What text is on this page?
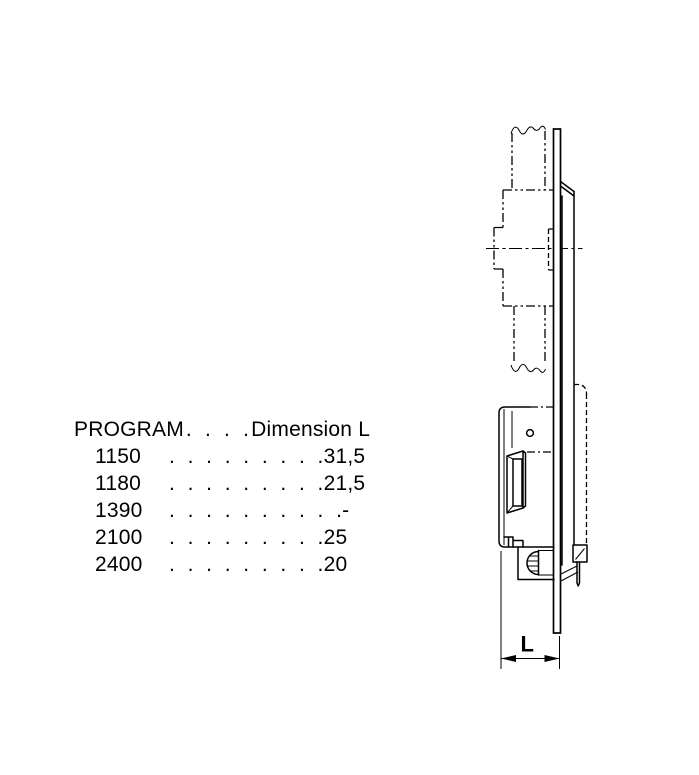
PROGRAM. . . .Dimension L
1150 . . . . . . . . .31,5
1180 . . . . . . . . .21,5
1390 . . . . . . . . . .-
2100 . . . . . . . . .25
2400 . . . . . . . . .20
L
